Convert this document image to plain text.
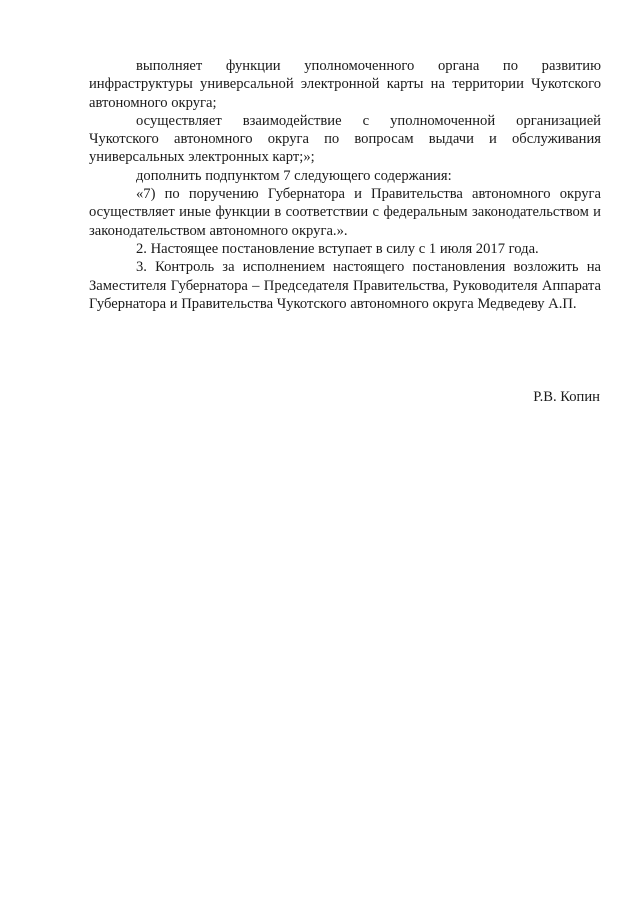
выполняет функции уполномоченного органа по развитию инфраструктуры универсальной электронной карты на территории Чукотского автономного округа;

осуществляет взаимодействие с уполномоченной организацией Чукотского автономного округа по вопросам выдачи и обслуживания универсальных электронных карт;»;

дополнить подпунктом 7 следующего содержания:

«7) по поручению Губернатора и Правительства автономного округа осуществляет иные функции в соответствии с федеральным законодательством и законодательством автономного округа.».

2. Настоящее постановление вступает в силу с 1 июля 2017 года.

3. Контроль за исполнением настоящего постановления возложить на Заместителя Губернатора – Председателя Правительства, Руководителя Аппарата Губернатора и Правительства Чукотского автономного округа Медведеву А.П.

Р.В. Копин
